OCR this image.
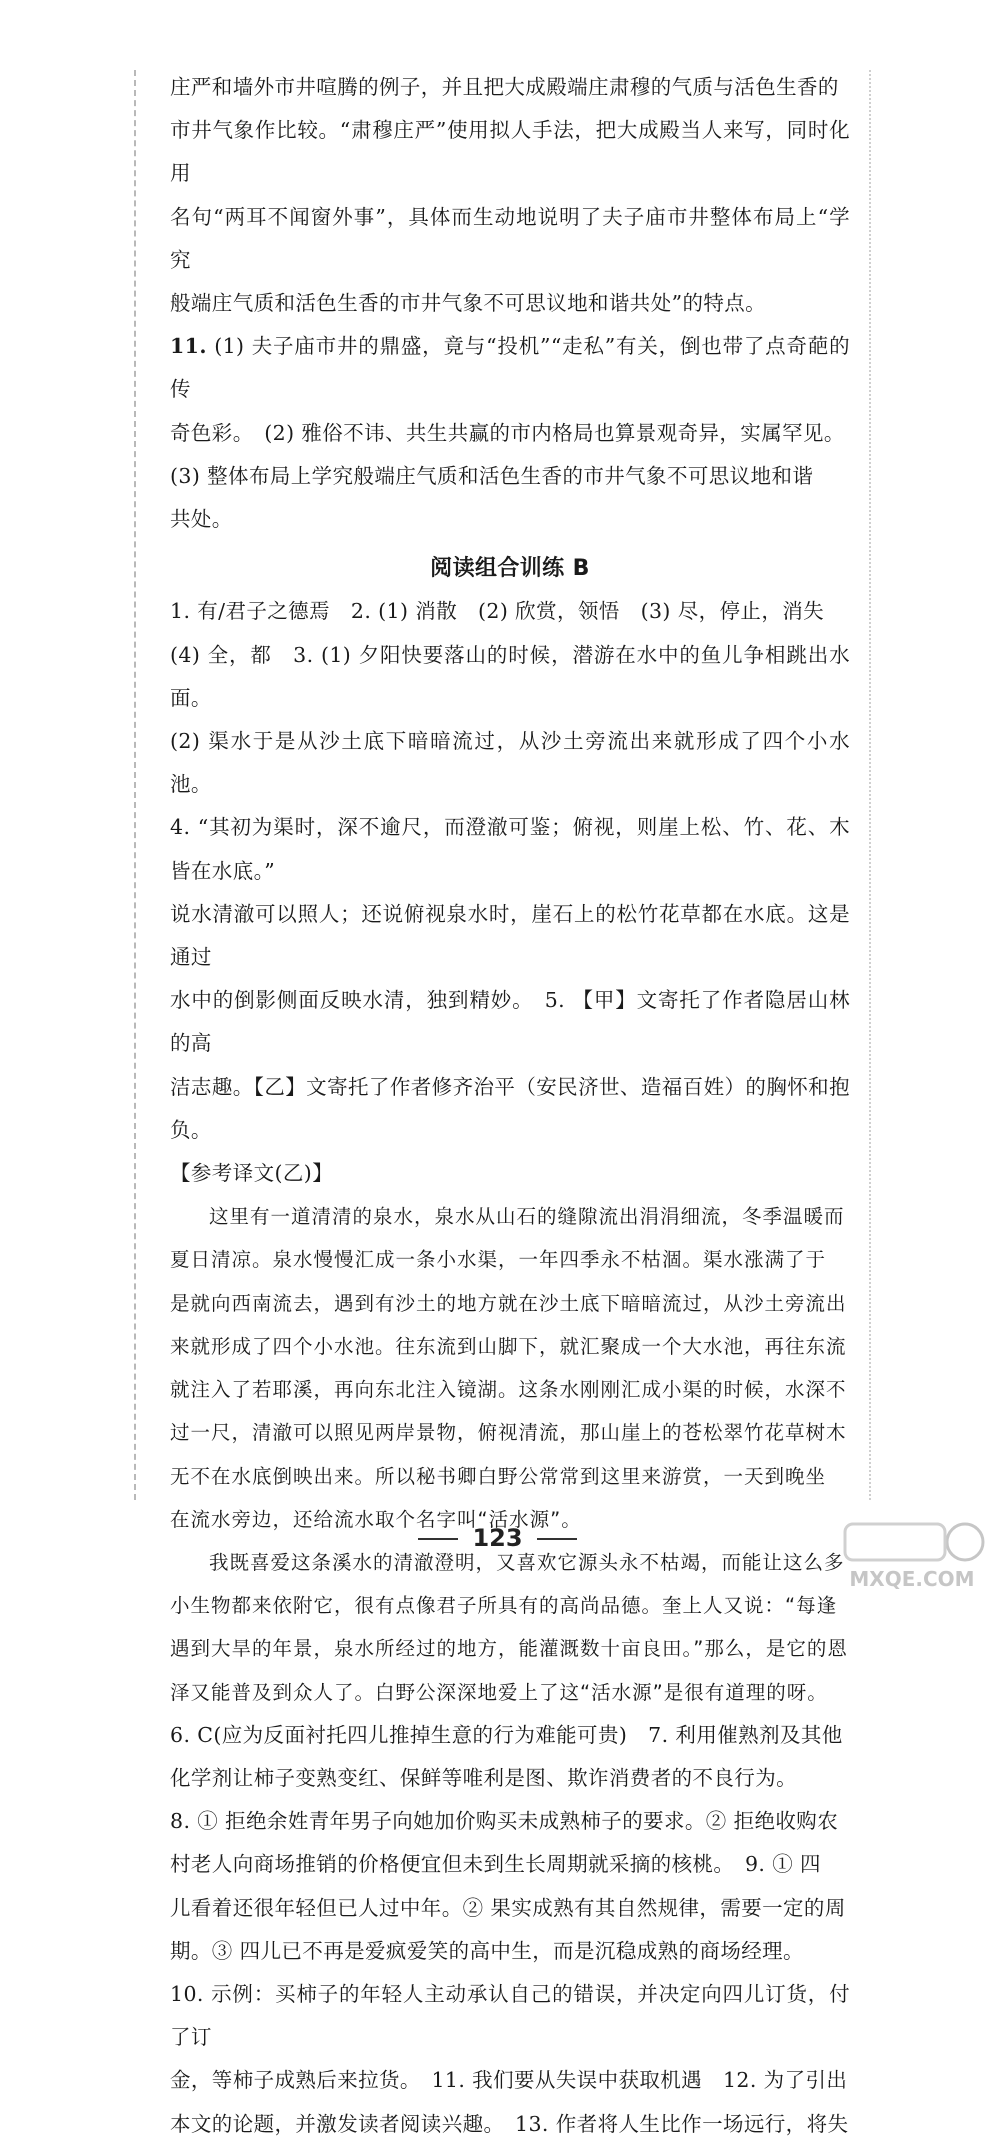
庄严和墙外市井喧腾的例子，并且把大成殿端庄肃穆的气质与活色生香的

市井气象作比较。“肃穆庄严”使用拟人手法，把大成殿当人来写，同时化用

名句“两耳不闻窗外事”，具体而生动地说明了夫子庙市井整体布局上“学究

般端庄气质和活色生香的市井气象不可思议地和谐共处”的特点。

11. (1) 夫子庙市井的鼎盛，竟与“投机”“走私”有关，倒也带了点奇葩的传

奇色彩。　(2) 雅俗不讳、共生共赢的市内格局也算景观奇异，实属罕见。

(3) 整体布局上学究般端庄气质和活色生香的市井气象不可思议地和谐

共处。

阅读组合训练 B

1. 有/君子之德焉　2. (1) 消散　(2) 欣赏，领悟　(3) 尽，停止，消失

(4) 全，都　3. (1) 夕阳快要落山的时候，潜游在水中的鱼儿争相跳出水面。

(2) 渠水于是从沙土底下暗暗流过，从沙土旁流出来就形成了四个小水池。

4. “其初为渠时，深不逾尺，而澄澈可鉴；俯视，则崖上松、竹、花、木皆在水底。”

说水清澈可以照人；还说俯视泉水时，崖石上的松竹花草都在水底。这是通过

水中的倒影侧面反映水清，独到精妙。　5. 【甲】文寄托了作者隐居山林的高

洁志趣。【乙】文寄托了作者修齐治平（安民济世、造福百姓）的胸怀和抱负。

【参考译文(乙)】

这里有一道清清的泉水，泉水从山石的缝隙流出涓涓细流，冬季温暖而

夏日清凉。泉水慢慢汇成一条小水渠，一年四季永不枯涸。渠水涨满了于

是就向西南流去，遇到有沙土的地方就在沙土底下暗暗流过，从沙土旁流出

来就形成了四个小水池。往东流到山脚下，就汇聚成一个大水池，再往东流

就注入了若耶溪，再向东北注入镜湖。这条水刚刚汇成小渠的时候，水深不

过一尺，清澈可以照见两岸景物，俯视清流，那山崖上的苍松翠竹花草树木

无不在水底倒映出来。所以秘书卿白野公常常到这里来游赏，一天到晚坐

在流水旁边，还给流水取个名字叫“活水源”。

我既喜爱这条溪水的清澈澄明，又喜欢它源头永不枯竭，而能让这么多

小生物都来依附它，很有点像君子所具有的高尚品德。奎上人又说：“每逢

遇到大旱的年景，泉水所经过的地方，能灌溉数十亩良田。”那么，是它的恩

泽又能普及到众人了。白野公深深地爱上了这“活水源”是很有道理的呀。

6. C(应为反面衬托四儿推掉生意的行为难能可贵)　7. 利用催熟剂及其他

化学剂让柿子变熟变红、保鲜等唯利是图、欺诈消费者的不良行为。

8. ① 拒绝余姓青年男子向她加价购买未成熟柿子的要求。② 拒绝收购农

村老人向商场推销的价格便宜但未到生长周期就采摘的核桃。　9. ① 四

儿看着还很年轻但已人过中年。② 果实成熟有其自然规律，需要一定的周

期。③ 四儿已不再是爱疯爱笑的高中生，而是沉稳成熟的商场经理。

10. 示例：买柿子的年轻人主动承认自己的错误，并决定向四儿订货，付了订

金，等柿子成熟后来拉货。　11. 我们要从失误中获取机遇　12. 为了引出

本文的论题，并激发读者阅读兴趣。　13. 作者将人生比作一场远行，将失

123
MXQE.COM
